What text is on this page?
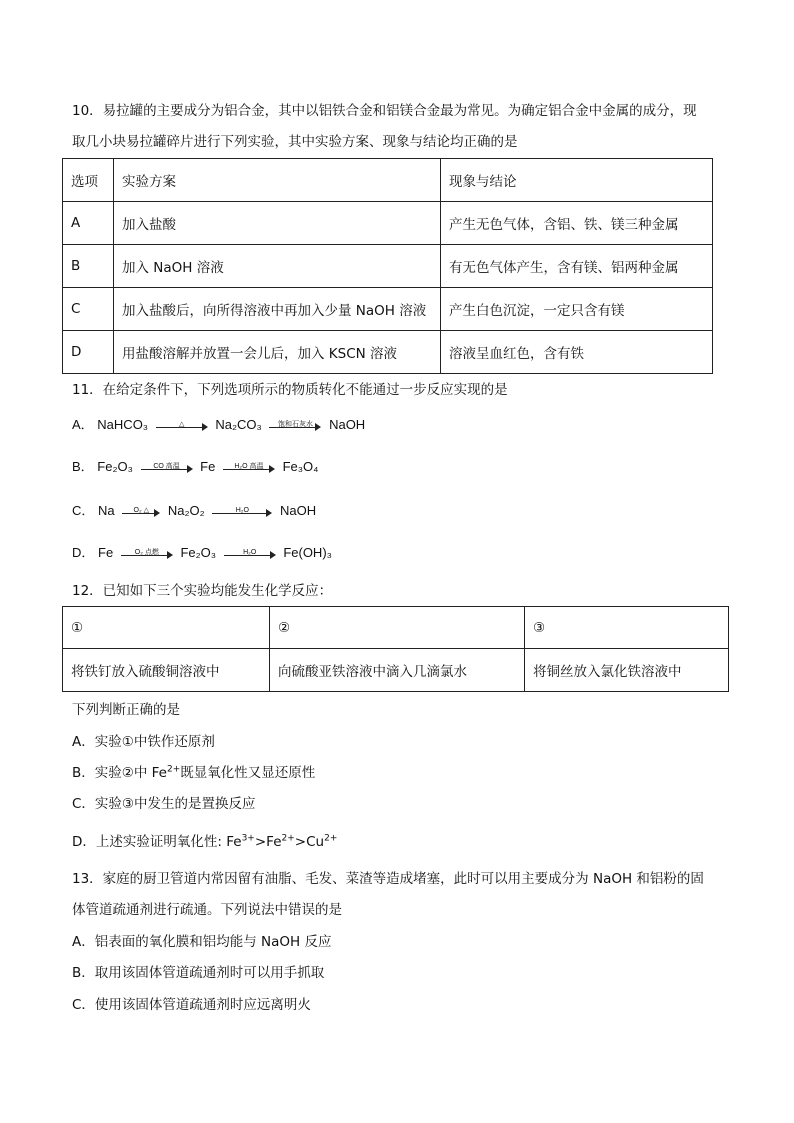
10．易拉罐的主要成分为铝合金，其中以铝铁合金和铝镁合金最为常见。为确定铝合金中金属的成分，现
取几小块易拉罐碎片进行下列实验，其中实验方案、现象与结论均正确的是
选项	实验方案	现象与结论
A	加入盐酸	产生无色气体，含铝、铁、镁三种金属
B	加入 NaOH 溶液	有无色气体产生，含有镁、铝两种金属
C	加入盐酸后，向所得溶液中再加入少量 NaOH 溶液	产生白色沉淀，一定只含有镁
D	用盐酸溶解并放置一会儿后，加入 KSCN 溶液	溶液呈血红色，含有铁
11．在给定条件下，下列选项所示的物质转化不能通过一步反应实现的是
A． NaHCO₃	△	Na₂CO₃	饱和石灰水	NaOH
B． Fe₂O₃	CO 高温	Fe	H₂O 高温	Fe₃O₄
C． Na	O₂ △	Na₂O₂	H₂O	NaOH
D． Fe	O₂ 点燃	Fe₂O₃	H₂O	Fe(OH)₃
12．已知如下三个实验均能发生化学反应：
①	②	③
将铁钉放入硫酸铜溶液中	向硫酸亚铁溶液中滴入几滴氯水	将铜丝放入氯化铁溶液中
下列判断正确的是
A．实验①中铁作还原剂
B．实验②中 $Fe^{2+}$既显氧化性又显还原性
C．实验③中发生的是置换反应
D．上述实验证明氧化性: $Fe^{3+}>Fe^{2+}>Cu^{2+}$
13．家庭的厨卫管道内常因留有油脂、毛发、菜渣等造成堵塞，此时可以用主要成分为 NaOH 和铝粉的固
体管道疏通剂进行疏通。下列说法中错误的是
A．铝表面的氧化膜和铝均能与 NaOH 反应
B．取用该固体管道疏通剂时可以用手抓取
C．使用该固体管道疏通剂时应远离明火
